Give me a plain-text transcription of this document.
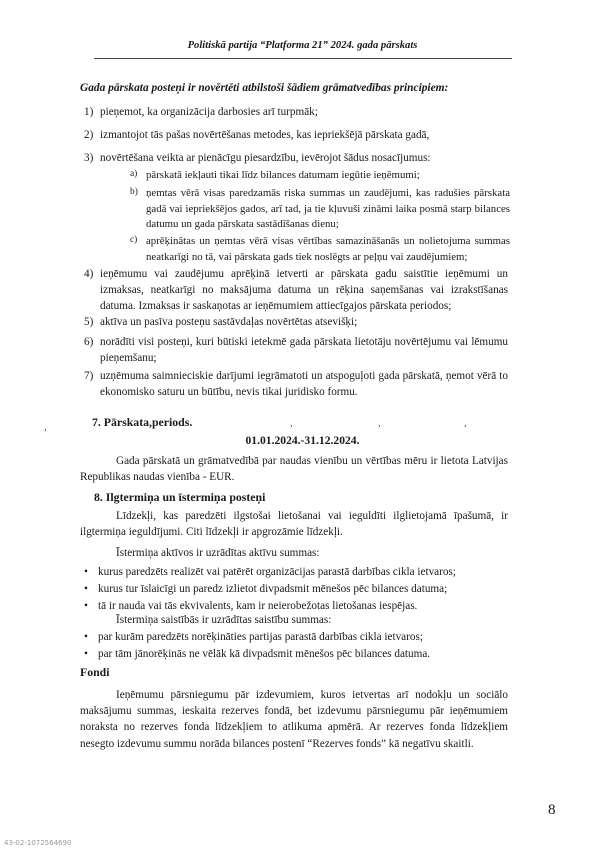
Politiskā partija “Platforma 21” 2024. gada pārskats
Gada pārskata posteņi ir novērtēti atbilstoši šādiem grāmatvedības principiem:
1) pieņemot, ka organizācija darbosies arī turpmāk;
2) izmantojot tās pašas novērtēšanas metodes, kas iepriekšējā pārskata gadā,
3) novērtēšana veikta ar pienācīgu piesardzību, ievērojot šādus nosacījumus:
a) pārskatā iekļauti tikai līdz bilances datumam iegūtie ieņēmumi;
b) ņemtas vērā visas paredzamās riska summas un zaudējumi, kas radušies pārskata gadā vai iepriekšējos gados, arī tad, ja tie kļuvuši zināmi laika posmā starp bilances datumu un gada pārskata sastādīšanas dienu;
c) aprēķinātas un ņemtas vērā visas vērtības samazināšanās un nolietojuma summas neatkarīgi no tā, vai pārskata gads tiek noslēgts ar peļņu vai zaudējumiem;
4) ieņēmumu vai zaudējumu aprēķinā ietverti ar pārskata gadu saistītie ieņēmumi un izmaksas, neatkarīgi no maksājuma datuma un rēķina saņemšanas vai izrakstīšanas datuma. Izmaksas ir saskaņotas ar ieņēmumiem attiecīgajos pārskata periodos;
5) aktīva un pasīva posteņu sastāvdaļas novērtētas atsevišķi;
6) norādīti visi posteņi, kuri būtiski ietekmē gada pārskata lietotāju novērtējumu vai lēmumu pieņemšanu;
7) uzņēmuma saimnieciskie darījumi iegrāmatoti un atspoguļoti gada pārskatā, ņemot vērā to ekonomisko saturu un būtību, nevis tikai juridisko formu.
,	,	,	,
7. Pārskata,periods.
01.01.2024.-31.12.2024.
Gada pārskatā un grāmatvedībā par naudas vienību un vērtības mēru ir lietota Latvijas Republikas naudas vienība - EUR.
8. Ilgtermiņa un īstermiņa posteņi
Līdzekļi, kas paredzēti ilgstošai lietošanai vai ieguldīti ilglietojamā īpašumā, ir ilgtermiņa ieguldījumi. Citi līdzekļi ir apgrozāmie līdzekļi.
Īstermiņa aktīvos ir uzrādītas aktīvu summas:
• kurus paredzēts realizēt vai patērēt organizācijas parastā darbības cikla ietvaros;
• kurus tur īslaicīgi un paredz izlietot divpadsmit mēnešos pēc bilances datuma;
• tā ir nauda vai tās ekvivalents, kam ir neierobežotas lietošanas iespējas.
Īstermiņa saistībās ir uzrādītas saistību summas:
• par kurām paredzēts norēķināties partijas parastā darbības cikla ietvaros;
• par tām jānorēķinās ne vēlāk kā divpadsmit mēnešos pēc bilances datuma.
Fondi
Ieņēmumu pārsniegumu pār izdevumiem, kuros ietvertas arī nodokļu un sociālo maksājumu summas, ieskaita rezerves fondā, bet izdevumu pārsniegumu pār ieņēmumiem noraksta no rezerves fonda līdzekļiem to atlikuma apmērā. Ar rezerves fonda līdzekļiem nesegto izdevumu summu norāda bilances postenī “Rezerves fonds” kā negatīvu skaitli.
8
43-02-1072564690
